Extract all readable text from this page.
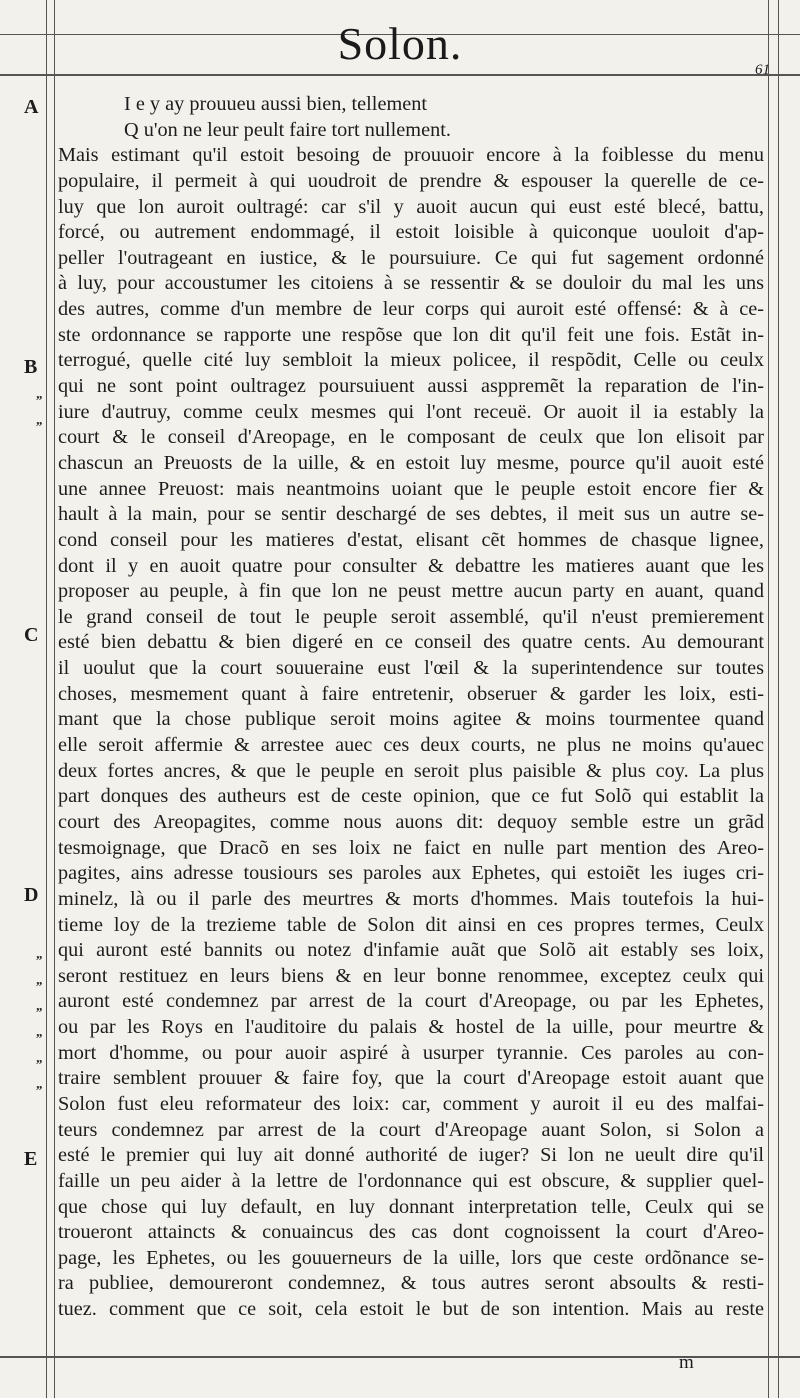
Solon.
61
A
B
C
D
E
„
„
„
„
„
„
„
„
I e y ay prouueu aussi bien, tellement
Q u'on ne leur peult faire tort nullement.
Mais estimant qu'il estoit besoing de prouuoir encore à la foiblesse du menu
populaire, il permeit à qui uoudroit de prendre & espouser la querelle de ce-
luy que lon auroit oultragé: car s'il y auoit aucun qui eust esté blecé, battu,
forcé, ou autrement endommagé, il estoit loisible à quiconque uouloit d'ap-
peller l'outrageant en iustice, & le poursuiure. Ce qui fut sagement ordonné
à luy, pour accoustumer les citoiens à se ressentir & se douloir du mal les uns
des autres, comme d'un membre de leur corps qui auroit esté offensé: & à ce-
ste ordonnance se rapporte une respõse que lon dit qu'il feit une fois. Estãt in-
terrogué, quelle cité luy sembloit la mieux policee, il respõdit, Celle ou ceulx
qui ne sont point oultragez poursuiuent aussi asppremẽt la reparation de l'in-
iure d'autruy, comme ceulx mesmes qui l'ont receuë. Or auoit il ia estably la
court & le conseil d'Areopage, en le composant de ceulx que lon elisoit par
chascun an Preuosts de la uille, & en estoit luy mesme, pource qu'il auoit esté
une annee Preuost: mais neantmoins uoiant que le peuple estoit encore fier &
hault à la main, pour se sentir deschargé de ses debtes, il meit sus un autre se-
cond conseil pour les matieres d'estat, elisant cẽt hommes de chasque lignee,
dont il y en auoit quatre pour consulter & debattre les matieres auant que les
proposer au peuple, à fin que lon ne peust mettre aucun party en auant, quand
le grand conseil de tout le peuple seroit assemblé, qu'il n'eust premierement
esté bien debattu & bien digeré en ce conseil des quatre cents. Au demourant
il uoulut que la court souueraine eust l'œil & la superintendence sur toutes
choses, mesmement quant à faire entretenir, obseruer & garder les loix, esti-
mant que la chose publique seroit moins agitee & moins tourmentee quand
elle seroit affermie & arrestee auec ces deux courts, ne plus ne moins qu'auec
deux fortes ancres, & que le peuple en seroit plus paisible & plus coy. La plus
part donques des autheurs est de ceste opinion, que ce fut Solõ qui establit la
court des Areopagites, comme nous auons dit: dequoy semble estre un grãd
tesmoignage, que Dracõ en ses loix ne faict en nulle part mention des Areo-
pagites, ains adresse tousiours ses paroles aux Ephetes, qui estoiẽt les iuges cri-
minelz, là ou il parle des meurtres & morts d'hommes. Mais toutefois la hui-
tieme loy de la trezieme table de Solon dit ainsi en ces propres termes, Ceulx
qui auront esté bannits ou notez d'infamie auãt que Solõ ait estably ses loix,
seront restituez en leurs biens & en leur bonne renommee, exceptez ceulx qui
auront esté condemnez par arrest de la court d'Areopage, ou par les Ephetes,
ou par les Roys en l'auditoire du palais & hostel de la uille, pour meurtre &
mort d'homme, ou pour auoir aspiré à usurper tyrannie. Ces paroles au con-
traire semblent prouuer & faire foy, que la court d'Areopage estoit auant que
Solon fust eleu reformateur des loix: car, comment y auroit il eu des malfai-
teurs condemnez par arrest de la court d'Areopage auant Solon, si Solon a
esté le premier qui luy ait donné authorité de iuger? Si lon ne ueult dire qu'il
faille un peu aider à la lettre de l'ordonnance qui est obscure, & supplier quel-
que chose qui luy default, en luy donnant interpretation telle, Ceulx qui se
troueront attaincts & conuaincus des cas dont cognoissent la court d'Areo-
page, les Ephetes, ou les gouuerneurs de la uille, lors que ceste ordõnance se-
ra publiee, demoureront condemnez, & tous autres seront absoults & resti-
tuez. comment que ce soit, cela estoit le but de son intention. Mais au reste
m
